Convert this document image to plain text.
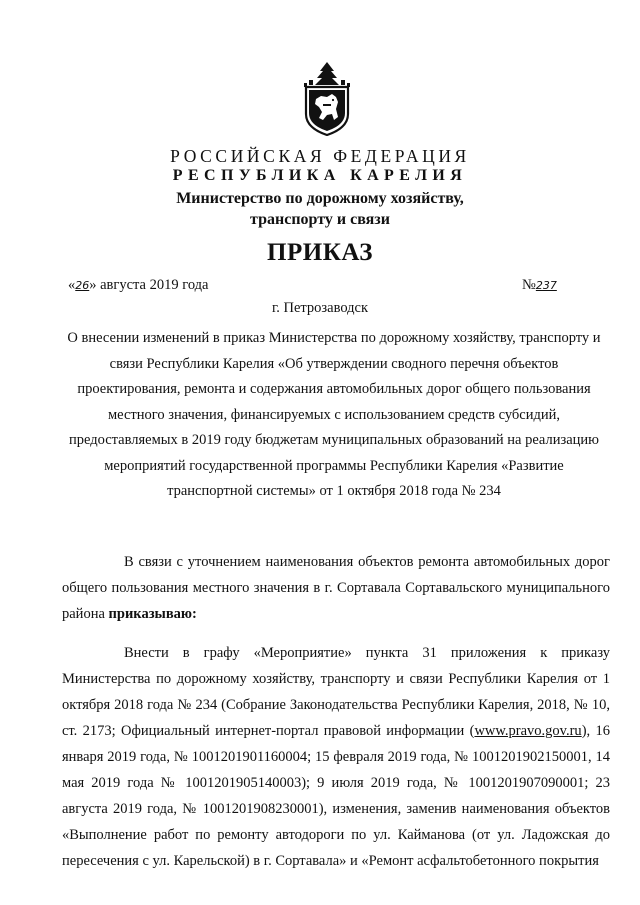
РОССИЙСКАЯ ФЕДЕРАЦИЯ
РЕСПУБЛИКА КАРЕЛИЯ
Министерство по дорожному хозяйству,
транспорту и связи
ПРИКАЗ
«26» августа 2019 года	№237
г. Петрозаводск
О внесении изменений в приказ Министерства по дорожному хозяйству, транспорту и связи Республики Карелия «Об утверждении сводного перечня объектов проектирования, ремонта и содержания автомобильных дорог общего пользования местного значения, финансируемых с использованием средств субсидий, предоставляемых в 2019 году бюджетам муниципальных образований на реализацию мероприятий государственной программы Республики Карелия «Развитие транспортной системы» от 1 октября 2018 года № 234
В связи с уточнением наименования объектов ремонта автомобильных дорог общего пользования местного значения в г. Сортавала Сортавальского муниципального района приказываю:
Внести в графу «Мероприятие» пункта 31 приложения к приказу Министерства по дорожному хозяйству, транспорту и связи Республики Карелия от 1 октября 2018 года № 234 (Собрание Законодательства Республики Карелия, 2018, № 10, ст. 2173; Официальный интернет-портал правовой информации (www.pravo.gov.ru), 16 января 2019 года, № 1001201901160004; 15 февраля 2019 года, № 1001201902150001, 14 мая 2019 года № 1001201905140003); 9 июля 2019 года, № 1001201907090001; 23 августа 2019 года, № 1001201908230001), изменения, заменив наименования объектов «Выполнение работ по ремонту автодороги по ул. Кайманова (от ул. Ладожская до пересечения с ул. Карельской) в г. Сортавала» и «Ремонт асфальтобетонного покрытия
